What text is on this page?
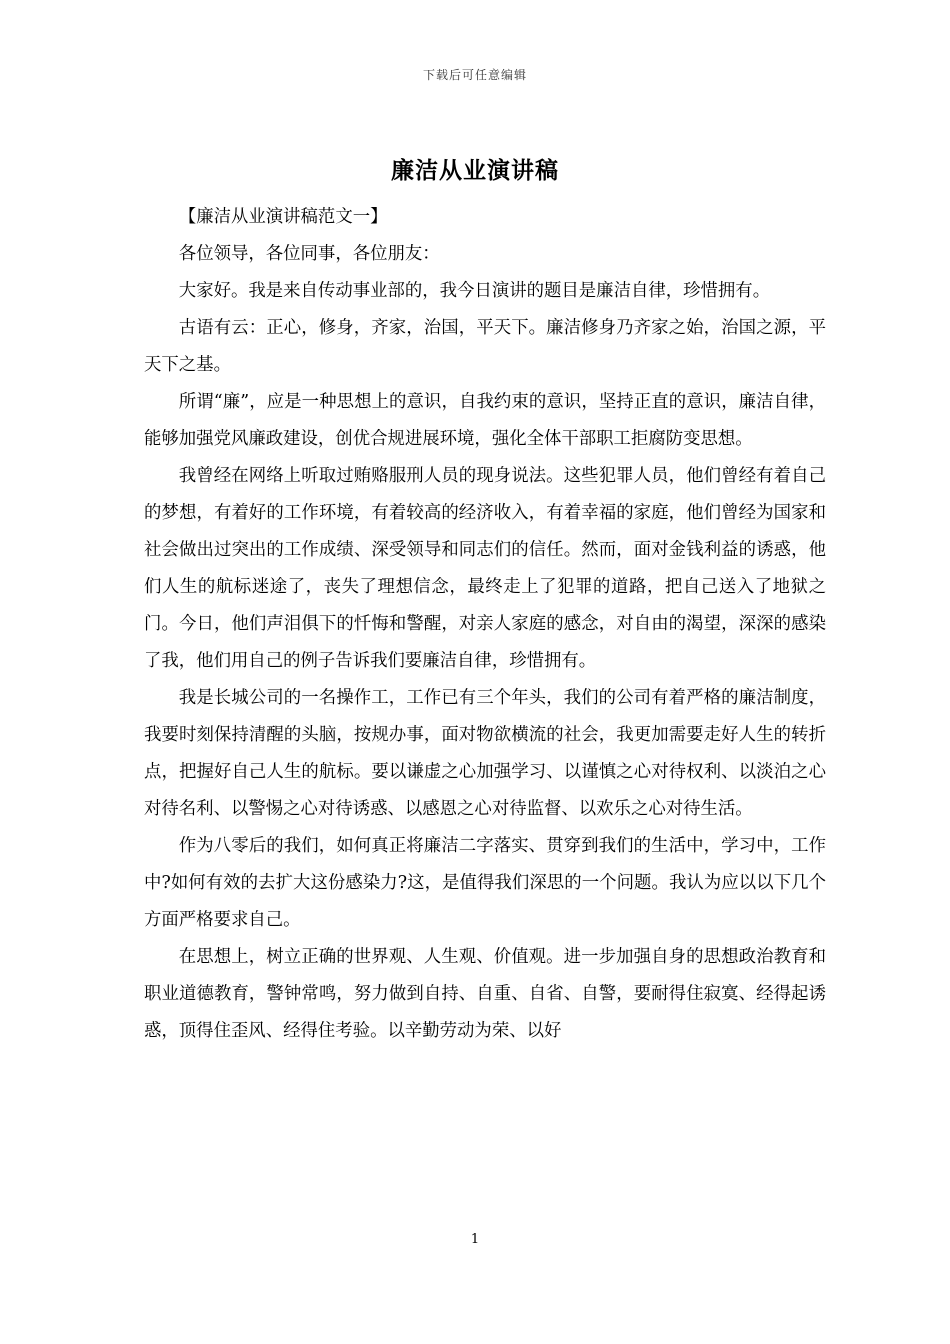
下载后可任意编辑
廉洁从业演讲稿

【廉洁从业演讲稿范文一】

各位领导，各位同事，各位朋友：

大家好。我是来自传动事业部的，我今日演讲的题目是廉洁自律，珍惜拥有。

古语有云：正心，修身，齐家，治国，平天下。廉洁修身乃齐家之始，治国之源，平天下之基。

所谓“廉”，应是一种思想上的意识，自我约束的意识，坚持正直的意识，廉洁自律，能够加强党风廉政建设，创优合规进展环境，强化全体干部职工拒腐防变思想。

我曾经在网络上听取过贿赂服刑人员的现身说法。这些犯罪人员，他们曾经有着自己的梦想，有着好的工作环境，有着较高的经济收入，有着幸福的家庭，他们曾经为国家和社会做出过突出的工作成绩、深受领导和同志们的信任。然而，面对金钱利益的诱惑，他们人生的航标迷途了，丧失了理想信念，最终走上了犯罪的道路，把自己送入了地狱之门。今日，他们声泪俱下的忏悔和警醒，对亲人家庭的感念，对自由的渴望，深深的感染了我，他们用自己的例子告诉我们要廉洁自律，珍惜拥有。

我是长城公司的一名操作工，工作已有三个年头，我们的公司有着严格的廉洁制度，我要时刻保持清醒的头脑，按规办事，面对物欲横流的社会，我更加需要走好人生的转折点，把握好自己人生的航标。要以谦虚之心加强学习、以谨慎之心对待权利、以淡泊之心对待名利、以警惕之心对待诱惑、以感恩之心对待监督、以欢乐之心对待生活。

作为八零后的我们，如何真正将廉洁二字落实、贯穿到我们的生活中，学习中，工作中?如何有效的去扩大这份感染力?这，是值得我们深思的一个问题。我认为应以以下几个方面严格要求自己。

在思想上，树立正确的世界观、人生观、价值观。进一步加强自身的思想政治教育和职业道德教育，警钟常鸣，努力做到自持、自重、自省、自警，要耐得住寂寞、经得起诱惑，顶得住歪风、经得住考验。以辛勤劳动为荣、以好

1
